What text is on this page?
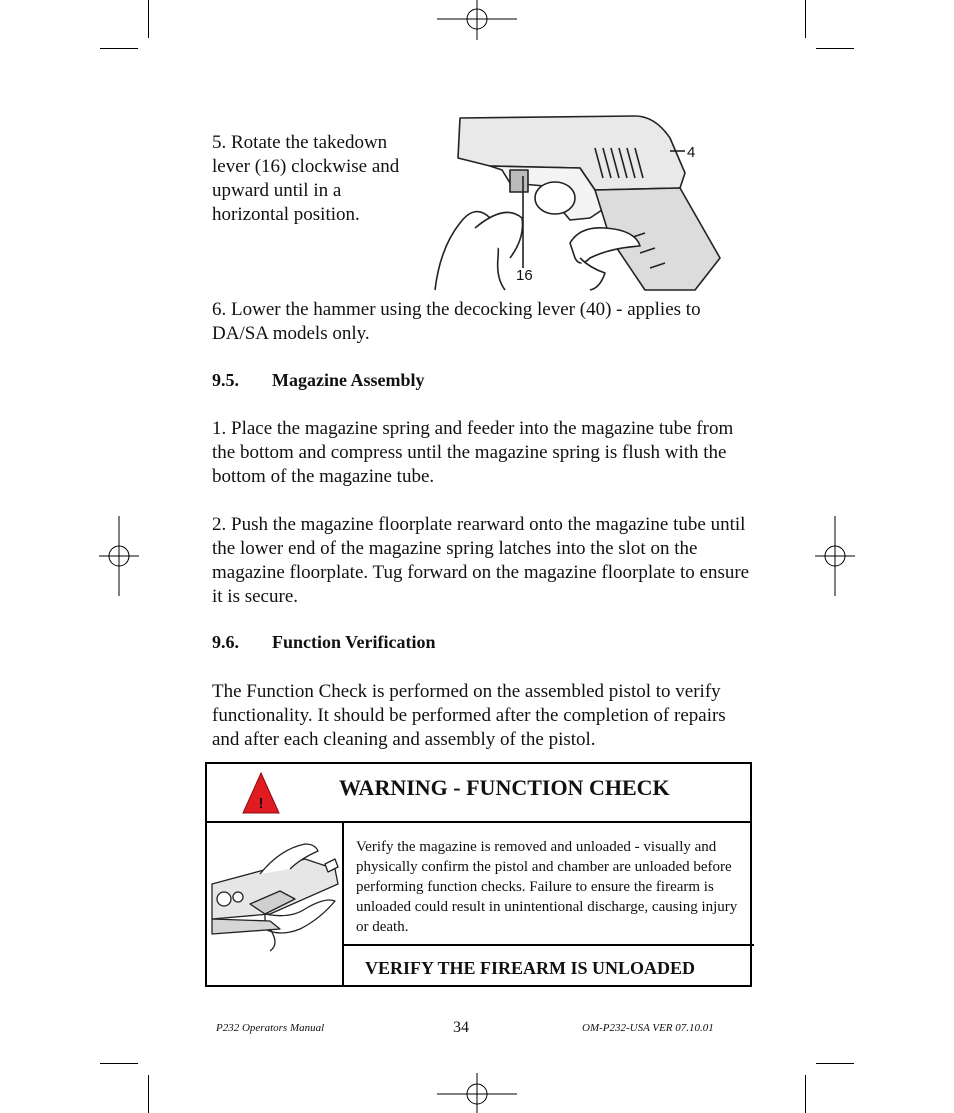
5. Rotate the takedown lever (16) clockwise and upward until in a horizontal position.

4
16

6. Lower the hammer using the decocking lever (40) - applies to DA/SA models only.

9.5. Magazine Assembly

1. Place the magazine spring and feeder into the magazine tube from the bottom and compress until the magazine spring is flush with the bottom of the magazine tube.

2. Push the magazine floorplate rearward onto the magazine tube until the lower end of the magazine spring latches into the slot on the magazine floorplate. Tug forward on the magazine floorplate to ensure it is secure.

9.6. Function Verification

The Function Check is performed on the assembled pistol to verify functionality. It should be performed after the completion of repairs and after each cleaning and assembly of the pistol.

!
WARNING - FUNCTION CHECK
Verify the magazine is removed and unloaded - visually and physically confirm the pistol and chamber are unloaded before performing function checks. Failure to ensure the firearm is unloaded could result in unintentional discharge, causing injury or death.
VERIFY THE FIREARM IS UNLOADED
P232 Operators Manual	34	OM-P232-USA VER 07.10.01
